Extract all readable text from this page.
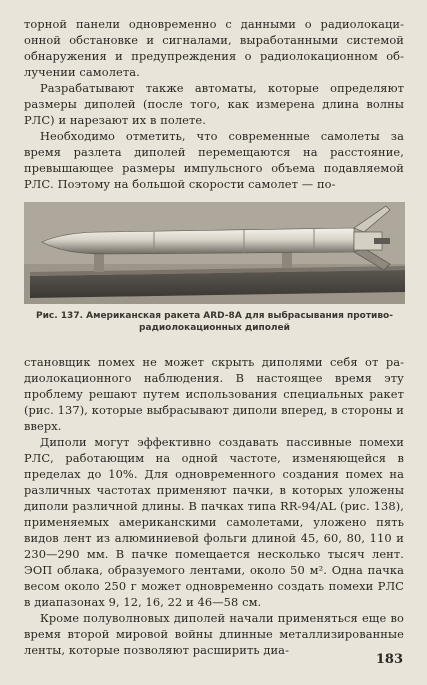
торной панели одновременно с данными о радиолокационной обстановке и сигналами, выработанными системой обнаружения и предупреждения о радиолокационном облучении самолета.

Разрабатывают также автоматы, которые определяют размеры диполей (после того, как измерена длина волны РЛС) и нарезают их в полете.

Необходимо отметить, что современные самолеты за время разлета диполей перемещаются на расстояние, превышающее размеры импульсного объема подавляемой РЛС. Поэтому на большой скорости самолет — по-

Рис. 137. Американская ракета ARD-8A для выбрасывания противорадиолокационных диполей

становщик помех не может скрыть диполями себя от радиолокационного наблюдения. В настоящее время эту проблему решают путем использования специальных ракет (рис. 137), которые выбрасывают диполи вперед, в стороны и вверх.

Диполи могут эффективно создавать пассивные помехи РЛС, работающим на одной частоте, изменяющейся в пределах до 10%. Для одновременного создания помех на различных частотах применяют пачки, в которых уложены диполи различной длины. В пачках типа RR-94/AL (рис. 138), применяемых американскими самолетами, уложено пять видов лент из алюминиевой фольги длиной 45, 60, 80, 110 и 230—290 мм. В пачке помещается несколько тысяч лент. ЭОП облака, образуемого лентами, около 50 м². Одна пачка весом около 250 г может одновременно создать помехи РЛС в диапазонах 9, 12, 16, 22 и 46—58 см.

Кроме полуволновых диполей начали применяться еще во время второй мировой войны длинные металлизированные ленты, которые позволяют расширить диа-

183
